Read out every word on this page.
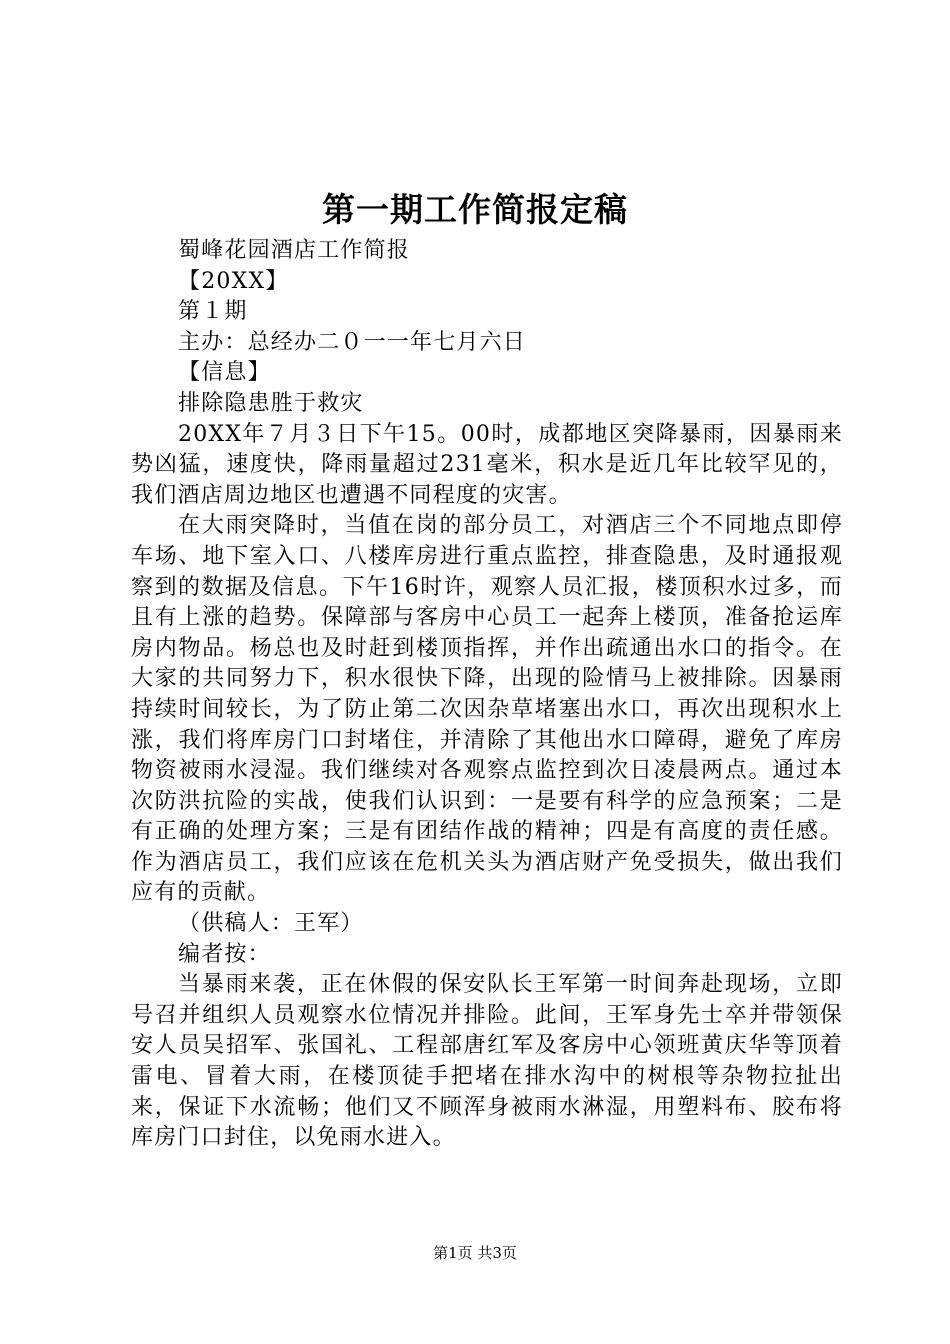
第一期工作简报定稿

蜀峰花园酒店工作简报

【20XX】

第１期

主办：总经办二０一一年七月六日

【信息】

排除隐患胜于救灾

20XX年７月３日下午15。00时，成都地区突降暴雨，因暴雨来势凶猛，速度快，降雨量超过231毫米，积水是近几年比较罕见的，我们酒店周边地区也遭遇不同程度的灾害。

在大雨突降时，当值在岗的部分员工，对酒店三个不同地点即停车场、地下室入口、八楼库房进行重点监控，排查隐患，及时通报观察到的数据及信息。下午16时许，观察人员汇报，楼顶积水过多，而且有上涨的趋势。保障部与客房中心员工一起奔上楼顶，准备抢运库房内物品。杨总也及时赶到楼顶指挥，并作出疏通出水口的指令。在大家的共同努力下，积水很快下降，出现的险情马上被排除。因暴雨持续时间较长，为了防止第二次因杂草堵塞出水口，再次出现积水上涨，我们将库房门口封堵住，并清除了其他出水口障碍，避免了库房物资被雨水浸湿。我们继续对各观察点监控到次日凌晨两点。通过本次防洪抗险的实战，使我们认识到：一是要有科学的应急预案；二是有正确的处理方案；三是有团结作战的精神；四是有高度的责任感。作为酒店员工，我们应该在危机关头为酒店财产免受损失，做出我们应有的贡献。

（供稿人：王军）

编者按：

当暴雨来袭，正在休假的保安队长王军第一时间奔赴现场，立即号召并组织人员观察水位情况并排险。此间，王军身先士卒并带领保安人员吴招军、张国礼、工程部唐红军及客房中心领班黄庆华等顶着雷电、冒着大雨，在楼顶徒手把堵在排水沟中的树根等杂物拉扯出来，保证下水流畅；他们又不顾浑身被雨水淋湿，用塑料布、胶布将库房门口封住，以免雨水进入。

第1页 共3页
